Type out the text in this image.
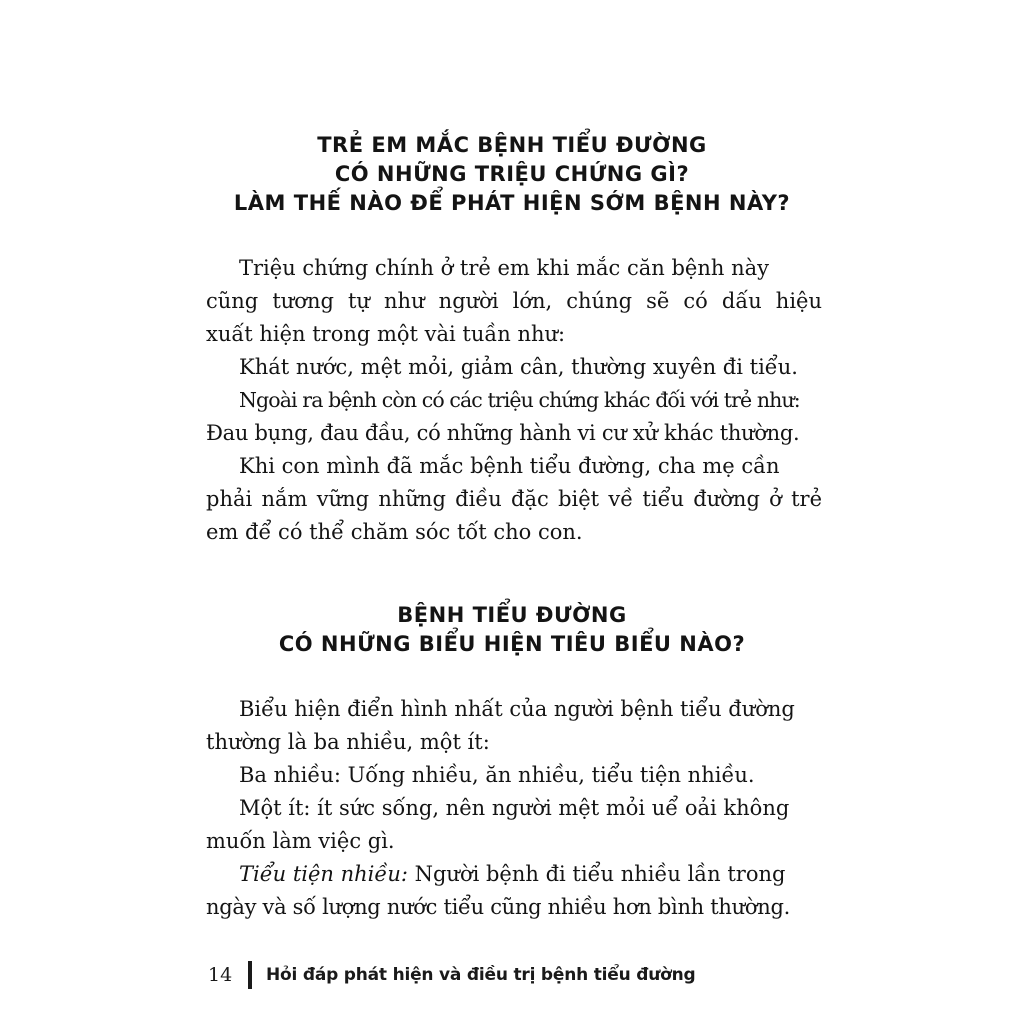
TRẺ EM MẮC BỆNH TIỂU ĐƯỜNG
CÓ NHỮNG TRIỆU CHỨNG GÌ?
LÀM THẾ NÀO ĐỂ PHÁT HIỆN SỚM BỆNH NÀY?

Triệu chứng chính ở trẻ em khi mắc căn bệnh này

cũng tương tự như người lớn, chúng sẽ có dấu hiệu

xuất hiện trong một vài tuần như:

Khát nước, mệt mỏi, giảm cân, thường xuyên đi tiểu.

Ngoài ra bệnh còn có các triệu chứng khác đối với trẻ như:

Đau bụng, đau đầu, có những hành vi cư xử khác thường.

Khi con mình đã mắc bệnh tiểu đường, cha mẹ cần

phải nắm vững những điều đặc biệt về tiểu đường ở trẻ

em để có thể chăm sóc tốt cho con.

BỆNH TIỂU ĐƯỜNG
CÓ NHỮNG BIỂU HIỆN TIÊU BIỂU NÀO?

Biểu hiện điển hình nhất của người bệnh tiểu đường

thường là ba nhiều, một ít:

Ba nhiều: Uống nhiều, ăn nhiều, tiểu tiện nhiều.

Một ít: ít sức sống, nên người mệt mỏi uể oải không

muốn làm việc gì.

Tiểu tiện nhiều: Người bệnh đi tiểu nhiều lần trong

ngày và số lượng nước tiểu cũng nhiều hơn bình thường.

14	Hỏi đáp phát hiện và điều trị bệnh tiểu đường
